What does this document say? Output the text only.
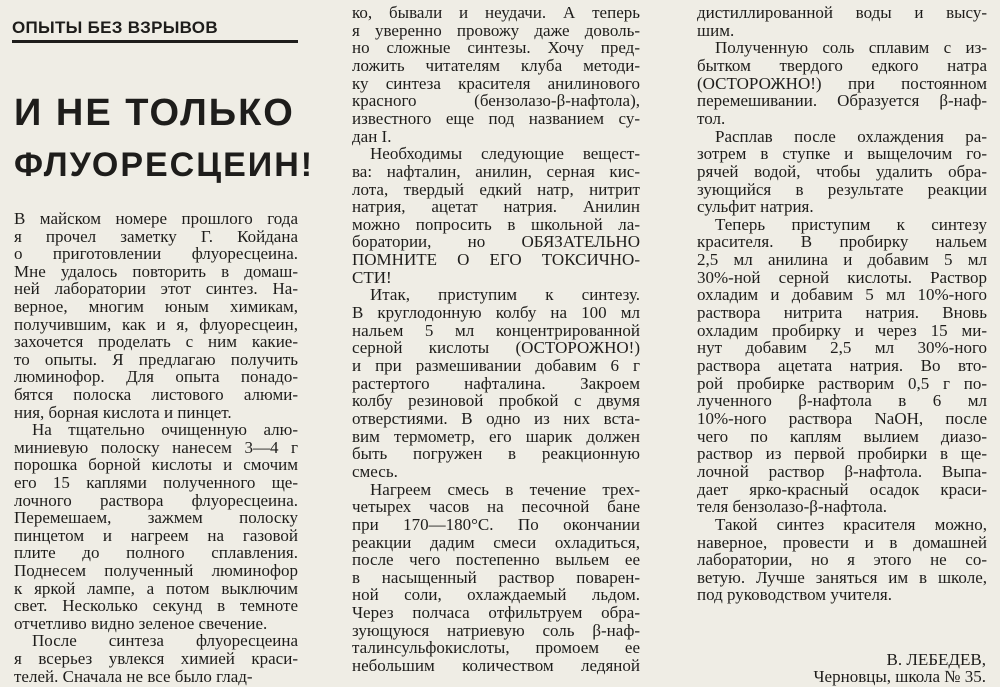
ОПЫТЫ БЕЗ ВЗРЫВОВ
И НЕ ТОЛЬКО
ФЛУОРЕСЦЕИН!
В майском номере прошлого года
я прочел заметку Г. Койдана
о приготовлении флуоресцеина.
Мне удалось повторить в домаш-
ней лаборатории этот синтез. На-
верное, многим юным химикам,
получившим, как и я, флуоресцеин,
захочется проделать с ним какие-
то опыты. Я предлагаю получить
люминофор. Для опыта понадо-
бятся полоска листового алюми-
ния, борная кислота и пинцет.
На тщательно очищенную алю-
миниевую полоску нанесем 3—4 г
порошка борной кислоты и смочим
его 15 каплями полученного ще-
лочного раствора флуоресцеина.
Перемешаем, зажмем полоску
пинцетом и нагреем на газовой
плите до полного сплавления.
Поднесем полученный люминофор
к яркой лампе, а потом выключим
свет. Несколько секунд в темноте
отчетливо видно зеленое свечение.
После синтеза флуоресцеина
я всерьез увлекся химией краси-
телей. Сначала не все было глад-
ко, бывали и неудачи. А теперь
я уверенно провожу даже доволь-
но сложные синтезы. Хочу пред-
ложить читателям клуба методи-
ку синтеза красителя анилинового
красного (бензолазо-β-нафтола),
известного еще под названием су-
дан I.
Необходимы следующие вещест-
ва: нафталин, анилин, серная кис-
лота, твердый едкий натр, нитрит
натрия, ацетат натрия. Анилин
можно попросить в школьной ла-
боратории, но ОБЯЗАТЕЛЬНО
ПОМНИТЕ О ЕГО ТОКСИЧНО-
СТИ!
Итак, приступим к синтезу.
В круглодонную колбу на 100 мл
нальем 5 мл концентрированной
серной кислоты (ОСТОРОЖНО!)
и при размешивании добавим 6 г
растертого нафталина. Закроем
колбу резиновой пробкой с двумя
отверстиями. В одно из них вста-
вим термометр, его шарик должен
быть погружен в реакционную
смесь.
Нагреем смесь в течение трех-
четырех часов на песочной бане
при 170—180°С. По окончании
реакции дадим смеси охладиться,
после чего постепенно выльем ее
в насыщенный раствор поварен-
ной соли, охлаждаемый льдом.
Через полчаса отфильтруем обра-
зующуюся натриевую соль β-наф-
талинсульфокислоты, промоем ее
небольшим количеством ледяной
дистиллированной воды и высу-
шим.
Полученную соль сплавим с из-
бытком твердого едкого натра
(ОСТОРОЖНО!) при постоянном
перемешивании. Образуется β-наф-
тол.
Расплав после охлаждения ра-
зотрем в ступке и выщелочим го-
рячей водой, чтобы удалить обра-
зующийся в результате реакции
сульфит натрия.
Теперь приступим к синтезу
красителя. В пробирку нальем
2,5 мл анилина и добавим 5 мл
30%-ной серной кислоты. Раствор
охладим и добавим 5 мл 10%-ного
раствора нитрита натрия. Вновь
охладим пробирку и через 15 ми-
нут добавим 2,5 мл 30%-ного
раствора ацетата натрия. Во вто-
рой пробирке растворим 0,5 г по-
лученного β-нафтола в 6 мл
10%-ного раствора NaOH, после
чего по каплям вылием диазо-
раствор из первой пробирки в ще-
лочной раствор β-нафтола. Выпа-
дает ярко-красный осадок краси-
теля бензолазо-β-нафтола.
Такой синтез красителя можно,
наверное, провести и в домашней
лаборатории, но я этого не со-
ветую. Лучше заняться им в школе,
под руководством учителя.
В. ЛЕБЕДЕВ,
Черновцы, школа № 35.
